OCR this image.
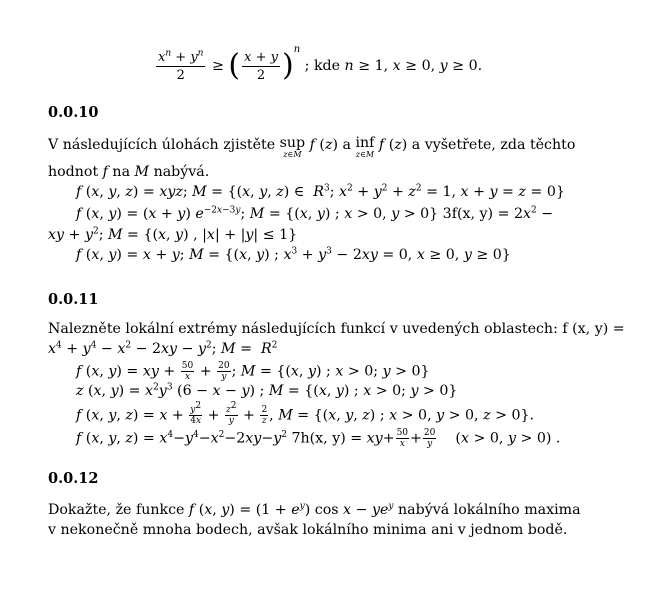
$\frac{x^n + y^n}{2}$ ≥ ( $\frac{x + y}{2} )^n$ ; kde n ≥ 1, x ≥ 0, y ≥ 0.
0.0.10
V následujících úlohách zjistěte sup
z∈M
f (z) a inf
z∈M
f (z) a vyšetřete, zda těchto
hodnot f na M nabývá.
f (x, y, z) = xyz; M = {(x, y, z) ∈  $R^3$; $x^2 + y^2 + z^2 = 1$, x + y = z = 0}
f (x, y) = (x + y) $e^{-2x-3y}$; M = {(x, y) ; x > 0, y > 0} 3f(x, $y) = 2x^2$ −
xy + $y^2$; M = {(x, y) , |x| + |y| ≤ 1}
f (x, y) = x + y; M = {(x, y) ; $x^3 + y^3 - 2xy = 0$, x ≥ 0, y ≥ 0}
0.0.11
Nalezněte lokální extrémy následujících funkcí v uvedených oblastech: f (x, y) =
$x^4 + y^4 - x^2 - 2xy - y^2$; $M = R^2$
f (x, y) = xy + $\frac{50}{x} + \frac{20}{y}$ ; M = {(x, y) ; x > 0; y > 0}
z (x, $y) = x^2y^3$ (6 − x − y) ; M = {(x, y) ; x > 0; y > 0}
f (x, y, $z) = x + \frac{y^2}{4x} + \frac{z^2}{y} + \frac{2}{z}$ , M = {(x, y, z) ; x > 0, y > 0, z > 0}.
f (x, y, $z) = x^4-y^4-x^2-2xy-y^2$ 7h(x, $y) = xy+ \frac{50}{x} + \frac{20}{y} (x > 0$, y > 0) .
0.0.12
Dokažte, že funkce f (x, $y) = (1 + e^y)$ $\cos x - ye^y$ nabývá lokálního maxima
v nekonečně mnoha bodech, avšak lokálního minima ani v jednom bodě.
